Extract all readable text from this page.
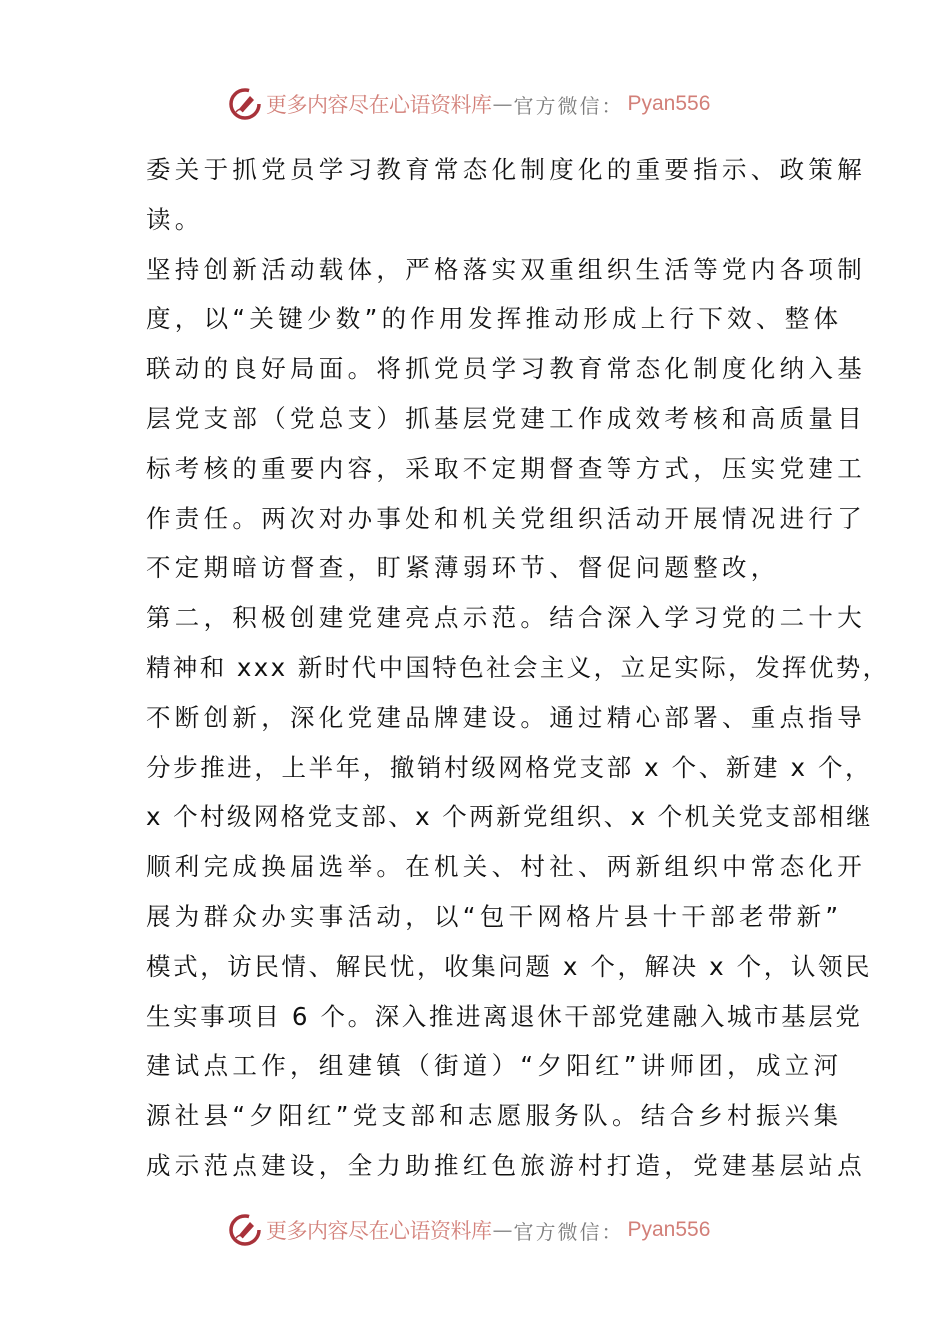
更多内容尽在心语资料库 — 官方微信： Pyan556
委关于抓党员学习教育常态化制度化的重要指示、政策解
读。
坚持创新活动载体，严格落实双重组织生活等党内各项制
度，以“关键少数”的作用发挥推动形成上行下效、整体
联动的良好局面。将抓党员学习教育常态化制度化纳入基
层党支部（党总支）抓基层党建工作成效考核和高质量目
标考核的重要内容，采取不定期督查等方式，压实党建工
作责任。两次对办事处和机关党组织活动开展情况进行了
不定期暗访督查，盯紧薄弱环节、督促问题整改，
第二，积极创建党建亮点示范。结合深入学习党的二十大
精神和 xxx 新时代中国特色社会主义，立足实际，发挥优势，
不断创新，深化党建品牌建设。通过精心部署、重点指导
分步推进，上半年，撤销村级网格党支部 x 个、新建 x 个，
x 个村级网格党支部、x 个两新党组织、x 个机关党支部相继
顺利完成换届选举。在机关、村社、两新组织中常态化开
展为群众办实事活动，以“包干网格片县十干部老带新”
模式，访民情、解民忧，收集问题 x 个，解决 x 个，认领民
生实事项目 6 个。深入推进离退休干部党建融入城市基层党
建试点工作，组建镇（街道）“夕阳红”讲师团，成立河
源社县“夕阳红”党支部和志愿服务队。结合乡村振兴集
成示范点建设，全力助推红色旅游村打造，党建基层站点
更多内容尽在心语资料库 — 官方微信： Pyan556
